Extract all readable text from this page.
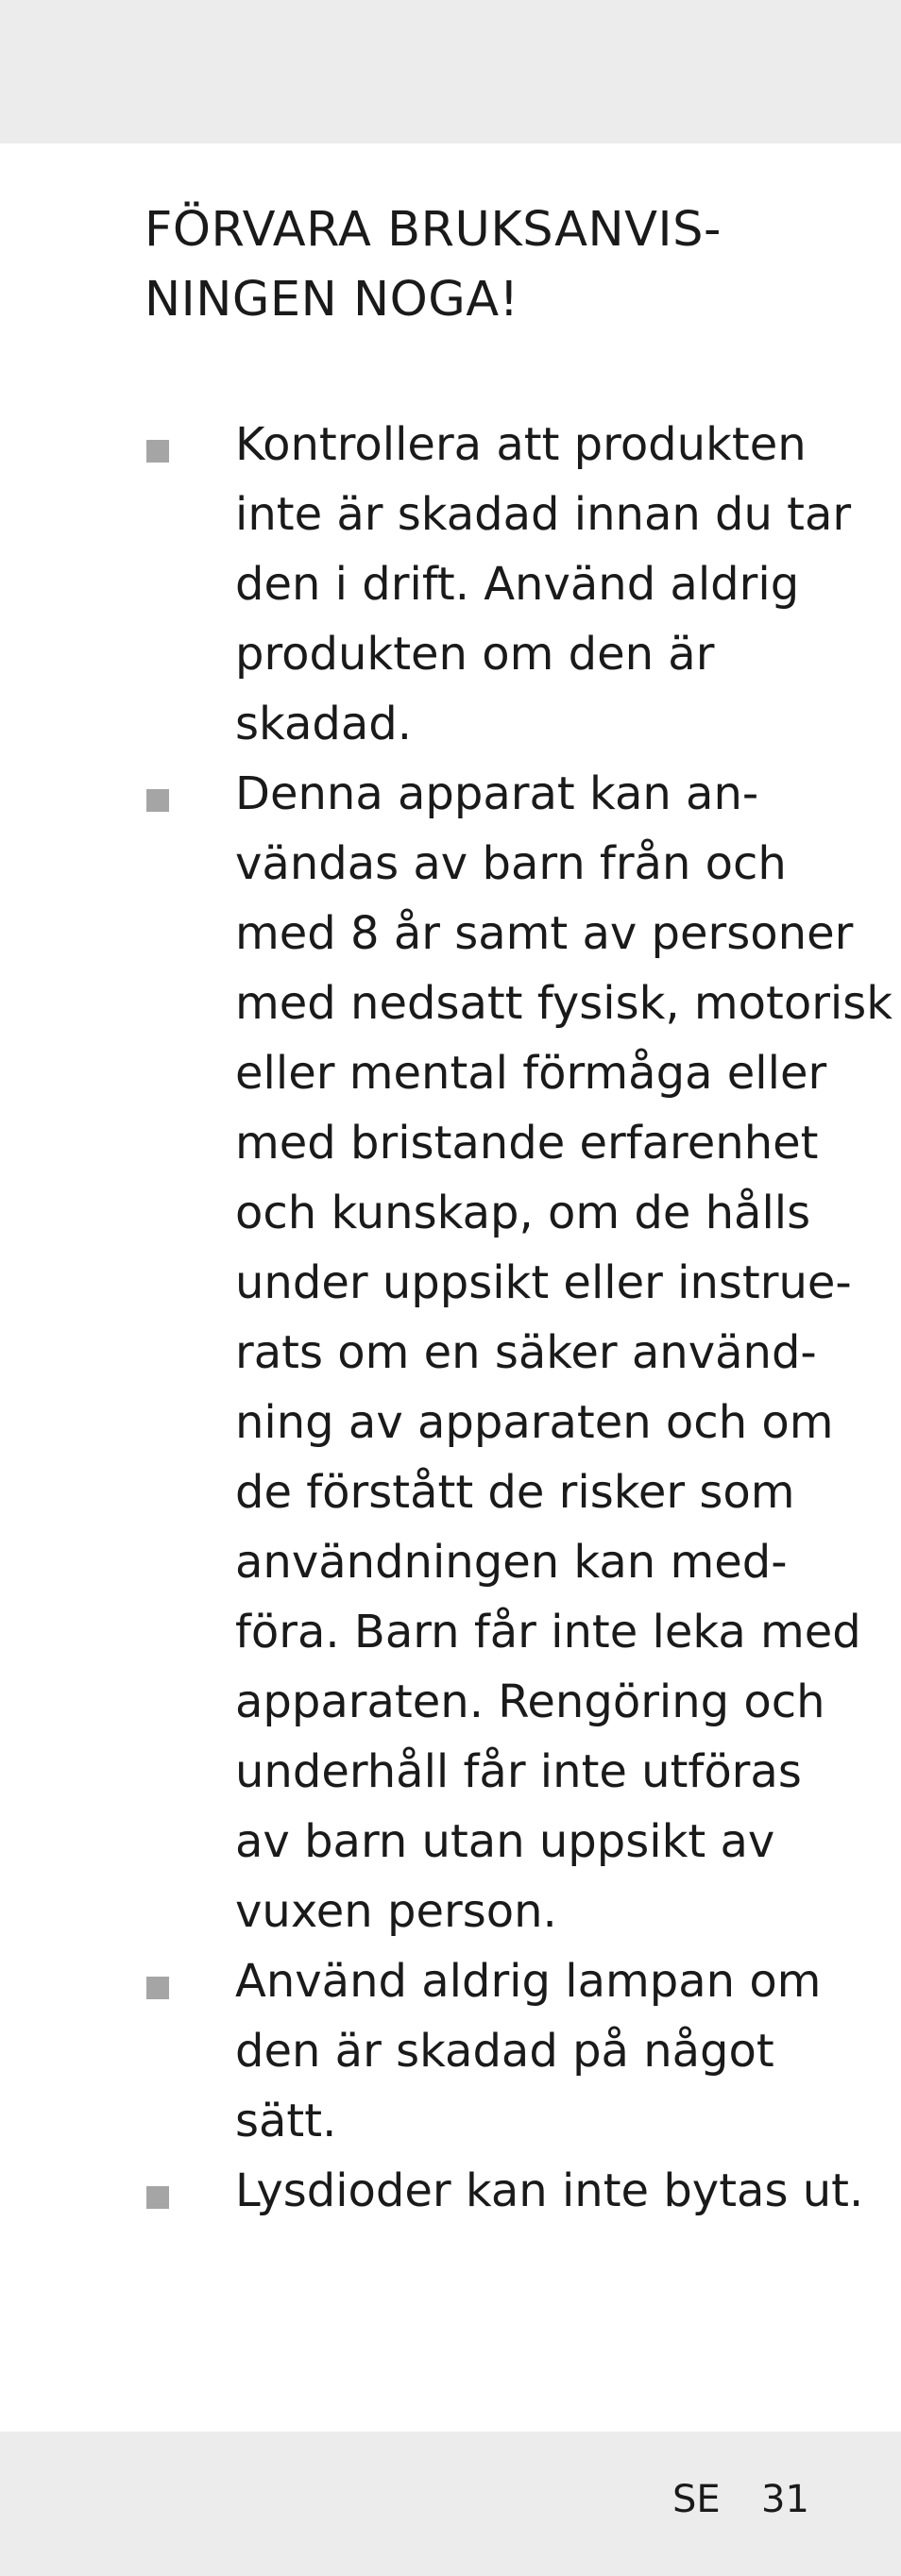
FÖRVARA BRUKSANVIS-
NINGEN NOGA!
Kontrollera att produkten
inte är skadad innan du tar
den i drift. Använd aldrig
produkten om den är
skadad.
Denna apparat kan an-
vändas av barn från och
med 8 år samt av personer
med nedsatt fysisk, motorisk
eller mental förmåga eller
med bristande erfarenhet
och kunskap, om de hålls
under uppsikt eller instrue-
rats om en säker använd-
ning av apparaten och om
de förstått de risker som
användningen kan med-
föra. Barn får inte leka med
apparaten. Rengöring och
underhåll får inte utföras
av barn utan uppsikt av
vuxen person.
Använd aldrig lampan om
den är skadad på något
sätt.
Lysdioder kan inte bytas ut.
SE 31
